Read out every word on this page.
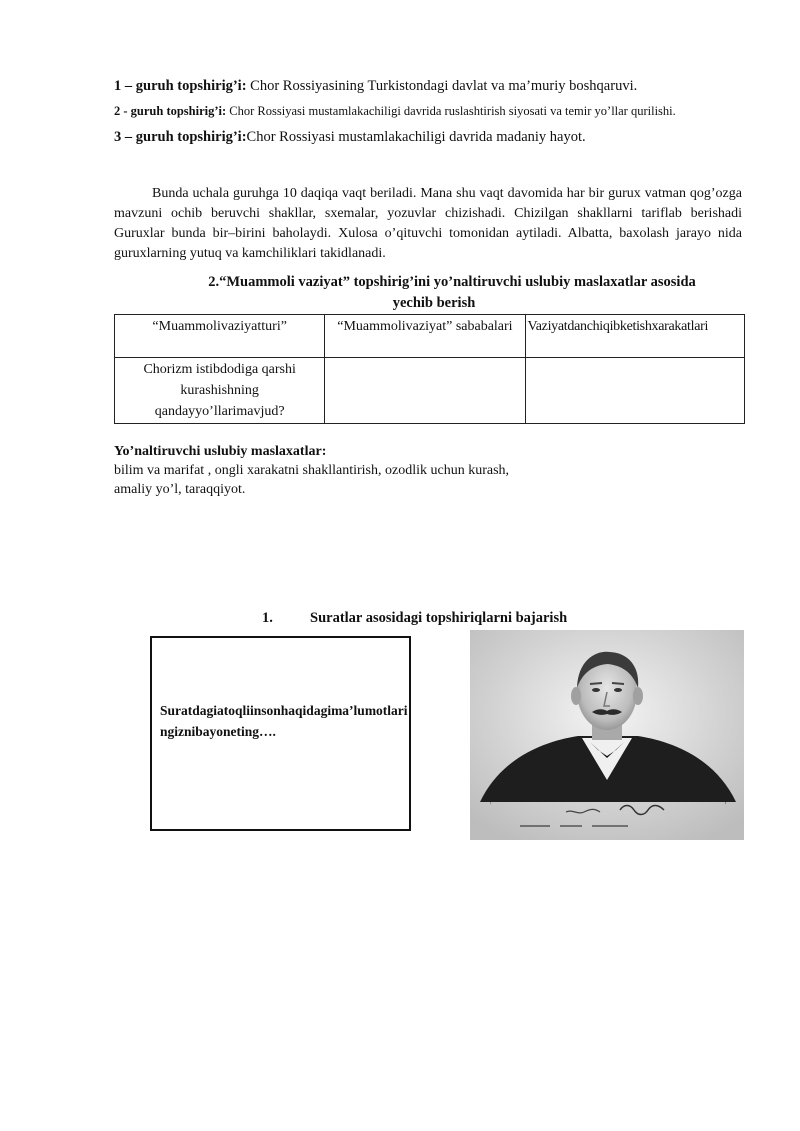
1 – guruh topshirig’i: Chor Rossiyasining Turkistondagi davlat va ma’muriy boshqaruvi.
2 - guruh topshirig’i: Chor Rossiyasi mustamlakachiligi davrida ruslashtirish siyosati va temir yo’llar qurilishi.
3 – guruh topshirig’i:Chor Rossiyasi mustamlakachiligi davrida madaniy hayot.
Bunda uchala guruhga 10 daqiqa vaqt beriladi. Mana shu vaqt davomida har bir gurux vatman qog’ozga mavzuni ochib beruvchi shakllar, sxemalar, yozuvlar chizishadi. Chizilgan shakllarni tariflab berishadi Guruxlar bunda bir–birini baholaydi. Xulosa o’qituvchi tomonidan aytiladi. Albatta, baxolash jarayo nida guruxlarning yutuq va kamchiliklari takidlanadi.
2.“Muammoli vaziyat” topshirig’ini yo’naltiruvchi uslubiy maslaxatlar asosida
yechib berish
“Muammolivaziyatturi”	“Muammolivaziyat” sababalari	Vaziyatdanchiqibketishxarakatlari
Chorizm istibdodiga qarshi kurashishning qandayyo’llarimavjud?		
Yo’naltiruvchi uslubiy maslaxatlar:
bilim va marifat , ongli xarakatni shakllantirish, ozodlik uchun kurash,
amaliy yo’l, taraqqiyot.
1.	Suratlar asosidagi topshiriqlarni bajarish
Suratdagiatoqliinsonhaqidagima’lumotlaringiznibayoneting….
